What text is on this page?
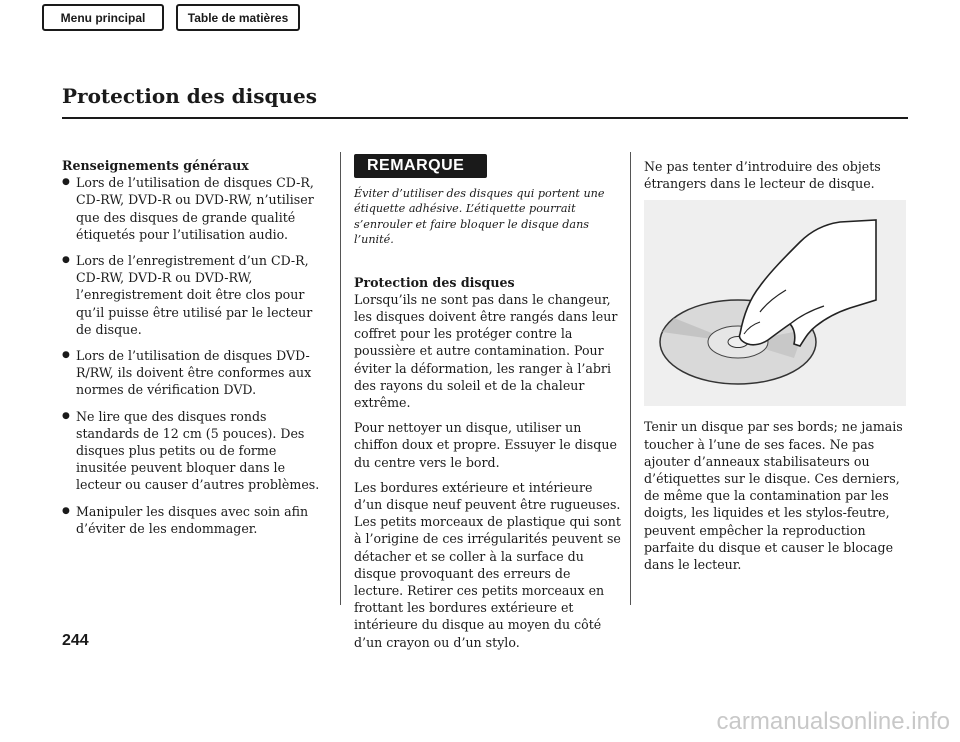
Menu principal	Table de matières
Protection des disques
Renseignements généraux
● Lors de l’utilisation de disques CD-R, CD-RW, DVD-R ou DVD-RW, n’utiliser que des disques de grande qualité étiquetés pour l’utilisation audio.
● Lors de l’enregistrement d’un CD-R, CD-RW, DVD-R ou DVD-RW, l’enregistrement doit être clos pour qu’il puisse être utilisé par le lecteur de disque.
● Lors de l’utilisation de disques DVD-R/RW, ils doivent être conformes aux normes de vérification DVD.
● Ne lire que des disques ronds standards de 12 cm (5 pouces). Des disques plus petits ou de forme inusitée peuvent bloquer dans le lecteur ou causer d’autres problèmes.
● Manipuler les disques avec soin afin d’éviter de les endommager.
REMARQUE
Éviter d’utiliser des disques qui portent une étiquette adhésive. L’étiquette pourrait s’enrouler et faire bloquer le disque dans l’unité.
Protection des disques

Lorsqu’ils ne sont pas dans le changeur, les disques doivent être rangés dans leur coffret pour les protéger contre la poussière et autre contamination. Pour éviter la déformation, les ranger à l’abri des rayons du soleil et de la chaleur extrême.

Pour nettoyer un disque, utiliser un chiffon doux et propre. Essuyer le disque du centre vers le bord.

Les bordures extérieure et intérieure d’un disque neuf peuvent être rugueuses. Les petits morceaux de plastique qui sont à l’origine de ces irrégularités peuvent se détacher et se coller à la surface du disque provoquant des erreurs de lecture. Retirer ces petits morceaux en frottant les bordures extérieure et intérieure du disque au moyen du côté d’un crayon ou d’un stylo.

Ne pas tenter d’introduire des objets étrangers dans le lecteur de disque.

Tenir un disque par ses bords; ne jamais toucher à l’une de ses faces. Ne pas ajouter d’anneaux stabilisateurs ou d’étiquettes sur le disque. Ces derniers, de même que la contamination par les doigts, les liquides et les stylos-feutre, peuvent empêcher la reproduction parfaite du disque et causer le blocage dans le lecteur.

244
carmanualsonline.info
